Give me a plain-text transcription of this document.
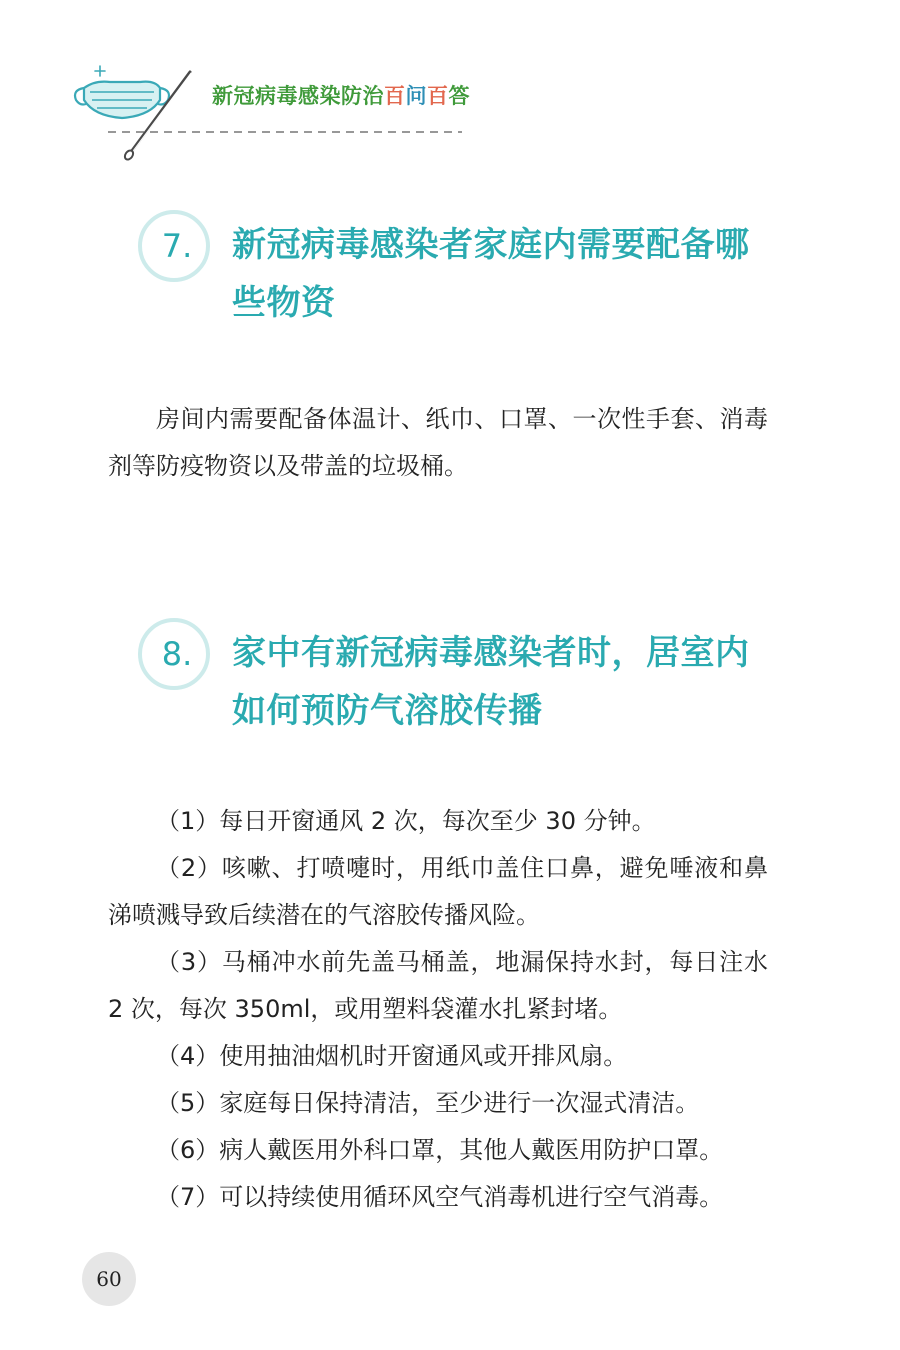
新冠病毒感染防治百问百答
7.	新冠病毒感染者家庭内需要配备哪些物资

房间内需要配备体温计、纸巾、口罩、一次性手套、消毒剂等防疫物资以及带盖的垃圾桶。

8.	家中有新冠病毒感染者时，居室内如何预防气溶胶传播

（1）每日开窗通风 2 次，每次至少 30 分钟。

（2）咳嗽、打喷嚏时，用纸巾盖住口鼻，避免唾液和鼻涕喷溅导致后续潜在的气溶胶传播风险。

（3）马桶冲水前先盖马桶盖，地漏保持水封，每日注水 2 次，每次 350ml，或用塑料袋灌水扎紧封堵。

（4）使用抽油烟机时开窗通风或开排风扇。

（5）家庭每日保持清洁，至少进行一次湿式清洁。

（6）病人戴医用外科口罩，其他人戴医用防护口罩。

（7）可以持续使用循环风空气消毒机进行空气消毒。

60
